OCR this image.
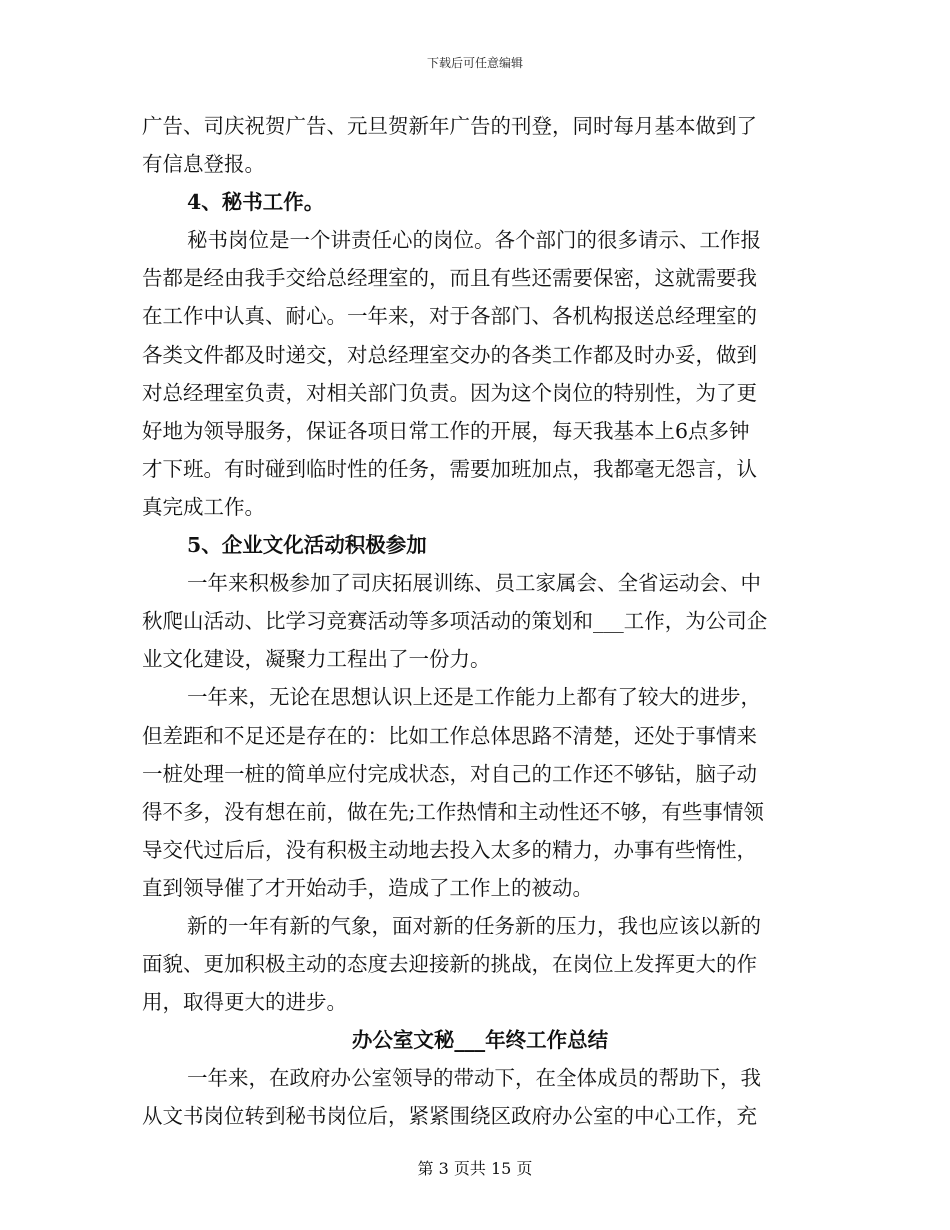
下载后可任意编辑
广告、司庆祝贺广告、元旦贺新年广告的刊登，同时每月基本做到了
有信息登报。
4、秘书工作。
秘书岗位是一个讲责任心的岗位。各个部门的很多请示、工作报
告都是经由我手交给总经理室的，而且有些还需要保密，这就需要我
在工作中认真、耐心。一年来，对于各部门、各机构报送总经理室的
各类文件都及时递交，对总经理室交办的各类工作都及时办妥，做到
对总经理室负责，对相关部门负责。因为这个岗位的特别性，为了更
好地为领导服务，保证各项日常工作的开展，每天我基本上6点多钟
才下班。有时碰到临时性的任务，需要加班加点，我都毫无怨言，认
真完成工作。
5、企业文化活动积极参加
一年来积极参加了司庆拓展训练、员工家属会、全省运动会、中
秋爬山活动、比学习竞赛活动等多项活动的策划和___工作，为公司企
业文化建设，凝聚力工程出了一份力。
一年来，无论在思想认识上还是工作能力上都有了较大的进步，
但差距和不足还是存在的：比如工作总体思路不清楚，还处于事情来
一桩处理一桩的简单应付完成状态，对自己的工作还不够钻，脑子动
得不多，没有想在前，做在先;工作热情和主动性还不够，有些事情领
导交代过后后，没有积极主动地去投入太多的精力，办事有些惰性，
直到领导催了才开始动手，造成了工作上的被动。
新的一年有新的气象，面对新的任务新的压力，我也应该以新的
面貌、更加积极主动的态度去迎接新的挑战，在岗位上发挥更大的作
用，取得更大的进步。
办公室文秘___年终工作总结
一年来，在政府办公室领导的带动下，在全体成员的帮助下，我
从文书岗位转到秘书岗位后，紧紧围绕区政府办公室的中心工作，充
第 3 页共 15 页
